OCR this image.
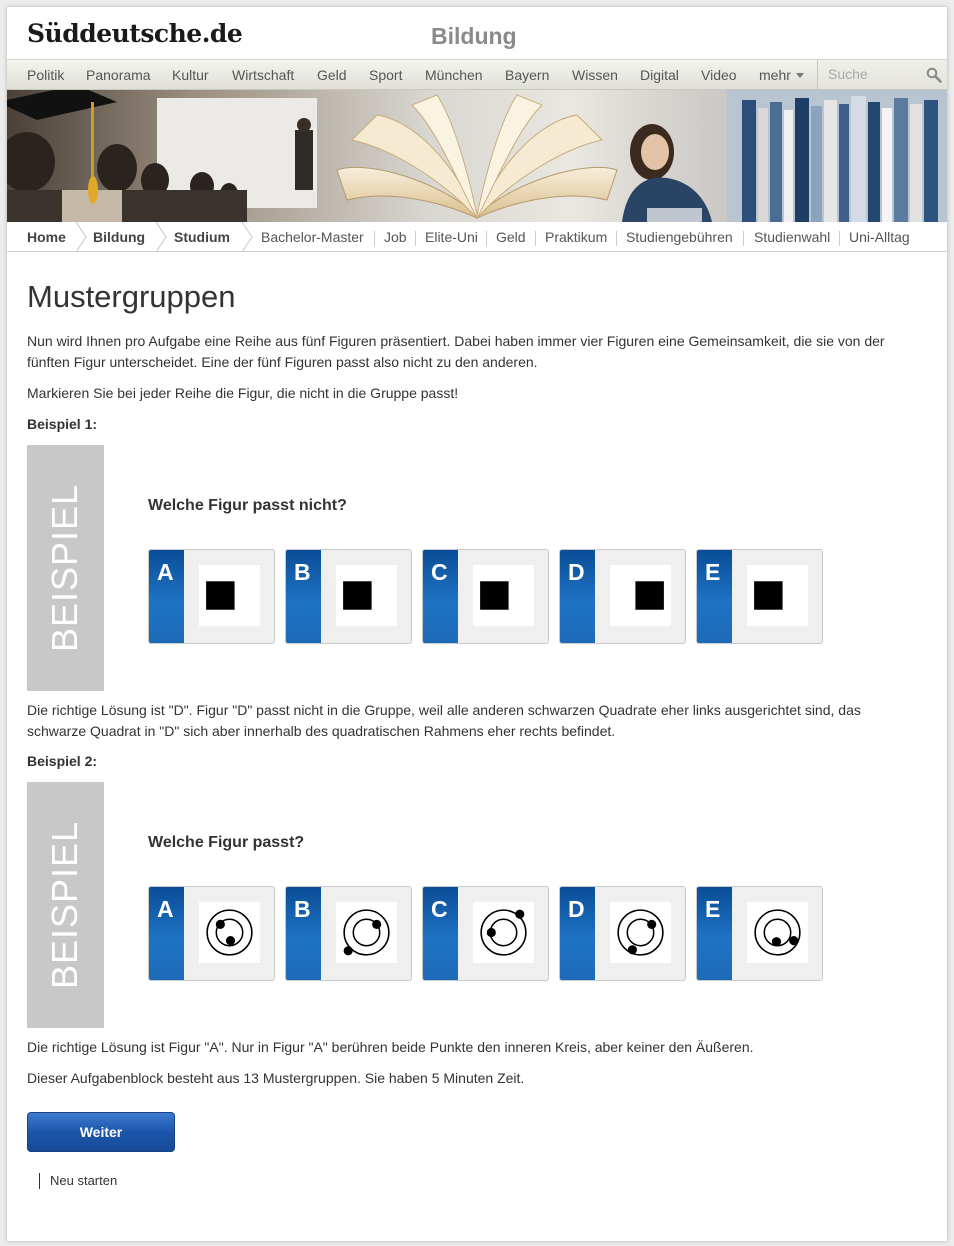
Süddeutsche.de	Bildung
Politik Panorama Kultur Wirtschaft Geld Sport München Bayern Wissen Digital Video mehr
Suche
Home Bildung Studium Bachelor-Master Job Elite-Uni Geld Praktikum Studiengebühren Studienwahl Uni-Alltag
Mustergruppen

Nun wird Ihnen pro Aufgabe eine Reihe aus fünf Figuren präsentiert. Dabei haben immer vier Figuren eine Gemeinsamkeit, die sie von der fünften Figur unterscheidet. Eine der fünf Figuren passt also nicht zu den anderen.

Markieren Sie bei jeder Reihe die Figur, die nicht in die Gruppe passt!

Beispiel 1:
BEISPIEL	Welche Figur passt nicht?
A	B	C	D	E

Die richtige Lösung ist "D". Figur "D" passt nicht in die Gruppe, weil alle anderen schwarzen Quadrate eher links ausgerichtet sind, das schwarze Quadrat in "D" sich aber innerhalb des quadratischen Rahmens eher rechts befindet.

Beispiel 2:
BEISPIEL	Welche Figur passt?
A	B	C	D	E

Die richtige Lösung ist Figur "A". Nur in Figur "A" berühren beide Punkte den inneren Kreis, aber keiner den Äußeren.

Dieser Aufgabenblock besteht aus 13 Mustergruppen. Sie haben 5 Minuten Zeit.

Weiter
Neu starten
